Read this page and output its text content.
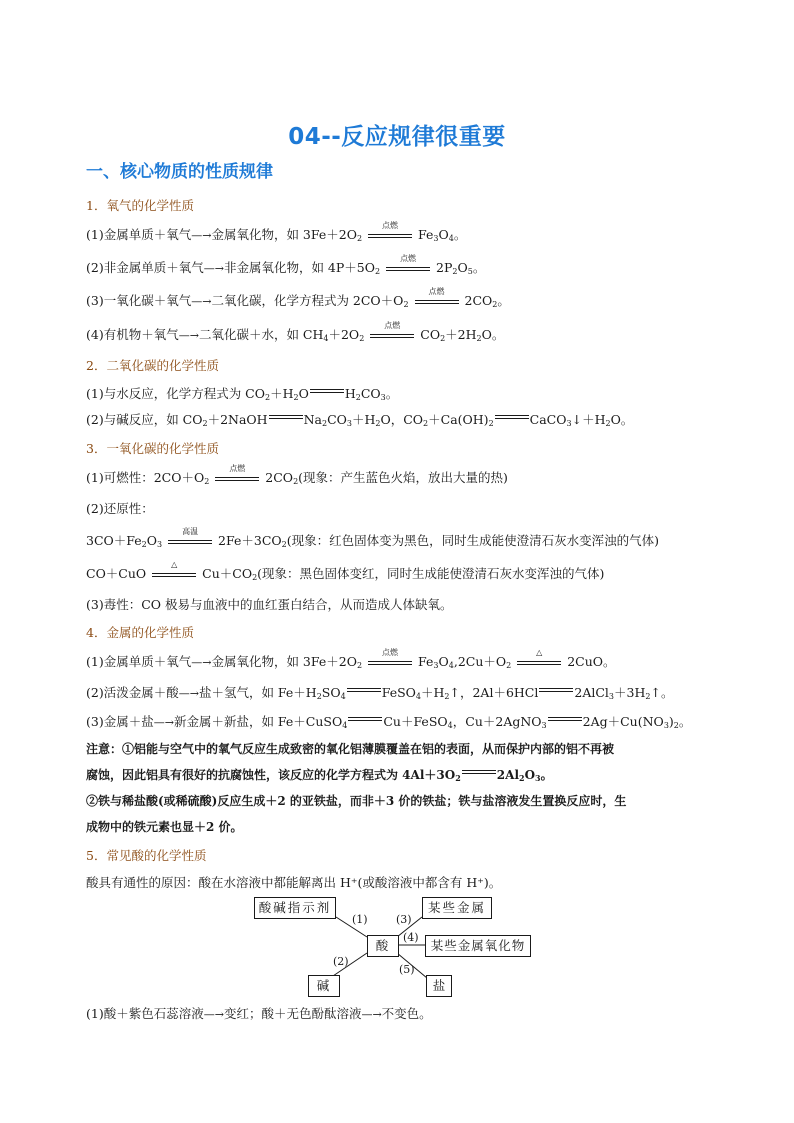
04--反应规律很重要
一、核心物质的性质规律
1．氧气的化学性质
(1)金属单质＋氧气—→金属氧化物，如 $3Fe+2O_2$
点燃
$Fe_3O_4$。
(2)非金属单质＋氧气—→非金属氧化物，如 $4P+5O_2$
点燃
$2P_2O_5$。
(3)一氧化碳＋氧气—→二氧化碳，化学方程式为 $2CO+O_2$
点燃
$2CO_2$。
(4)有机物＋氧气—→二氧化碳＋水，如 $CH_4+2O_2$
点燃
$CO_2+2H_2O$。
2．二氧化碳的化学性质
(1)与水反应，化学方程式为 $CO_2+H_2O$	$H_2CO_3$。
(2)与碱反应，如 $CO_2+2NaOH$	$Na_2CO_3+H_2O$，$CO_2+Ca(OH)_2$	$CaCO_3↓+H_2O$。
3．一氧化碳的化学性质
(1)可燃性：$2CO+O_2$
点燃
$2CO_2$(现象：产生蓝色火焰，放出大量的热)
(2)还原性：
$3CO+Fe_2O_3$
高温
$2Fe+3CO_2$(现象：红色固体变为黑色，同时生成能使澄清石灰水变浑浊的气体)
CO＋CuO
△
$Cu+CO_2$(现象：黑色固体变红，同时生成能使澄清石灰水变浑浊的气体)
(3)毒性：CO 极易与血液中的血红蛋白结合，从而造成人体缺氧。
4．金属的化学性质
(1)金属单质＋氧气—→金属氧化物，如 $3Fe+2O_2$
点燃
$Fe_3O_4,2Cu+O_2$
△
2CuO。
(2)活泼金属＋酸—→盐＋氢气，如 $Fe+H_2SO_4$	$FeSO_4+H_2↑$，2Al＋6HCl	$2AlCl_3+3H_2↑$。
(3)金属＋盐—→新金属＋新盐，如 Fe＋CuSO$_4$	Cu＋FeSO$_4$，Cu＋2AgNO$_3$	$2Ag+Cu(NO_3)_2$。
注意：①铝能与空气中的氧气反应生成致密的氧化铝薄膜覆盖在铝的表面，从而保护内部的铝不再被
腐蚀，因此铝具有很好的抗腐蚀性，该反应的化学方程式为 $4Al+3O_2$	$2Al_2O_3$。
②铁与稀盐酸(或稀硫酸)反应生成＋2 的亚铁盐，而非＋3 价的铁盐；铁与盐溶液发生置换反应时，生
成物中的铁元素也显＋2 价。
5．常见酸的化学性质
酸具有通性的原因：酸在水溶液中都能解离出 H⁺(或酸溶液中都含有 H⁺)。
酸碱指示剂	某些金属
酸	某些金属氧化物
碱	盐
(1)	(3)
(4)
(2)
(5)
(1)酸＋紫色石蕊溶液—→变红；酸＋无色酚酞溶液—→不变色。
